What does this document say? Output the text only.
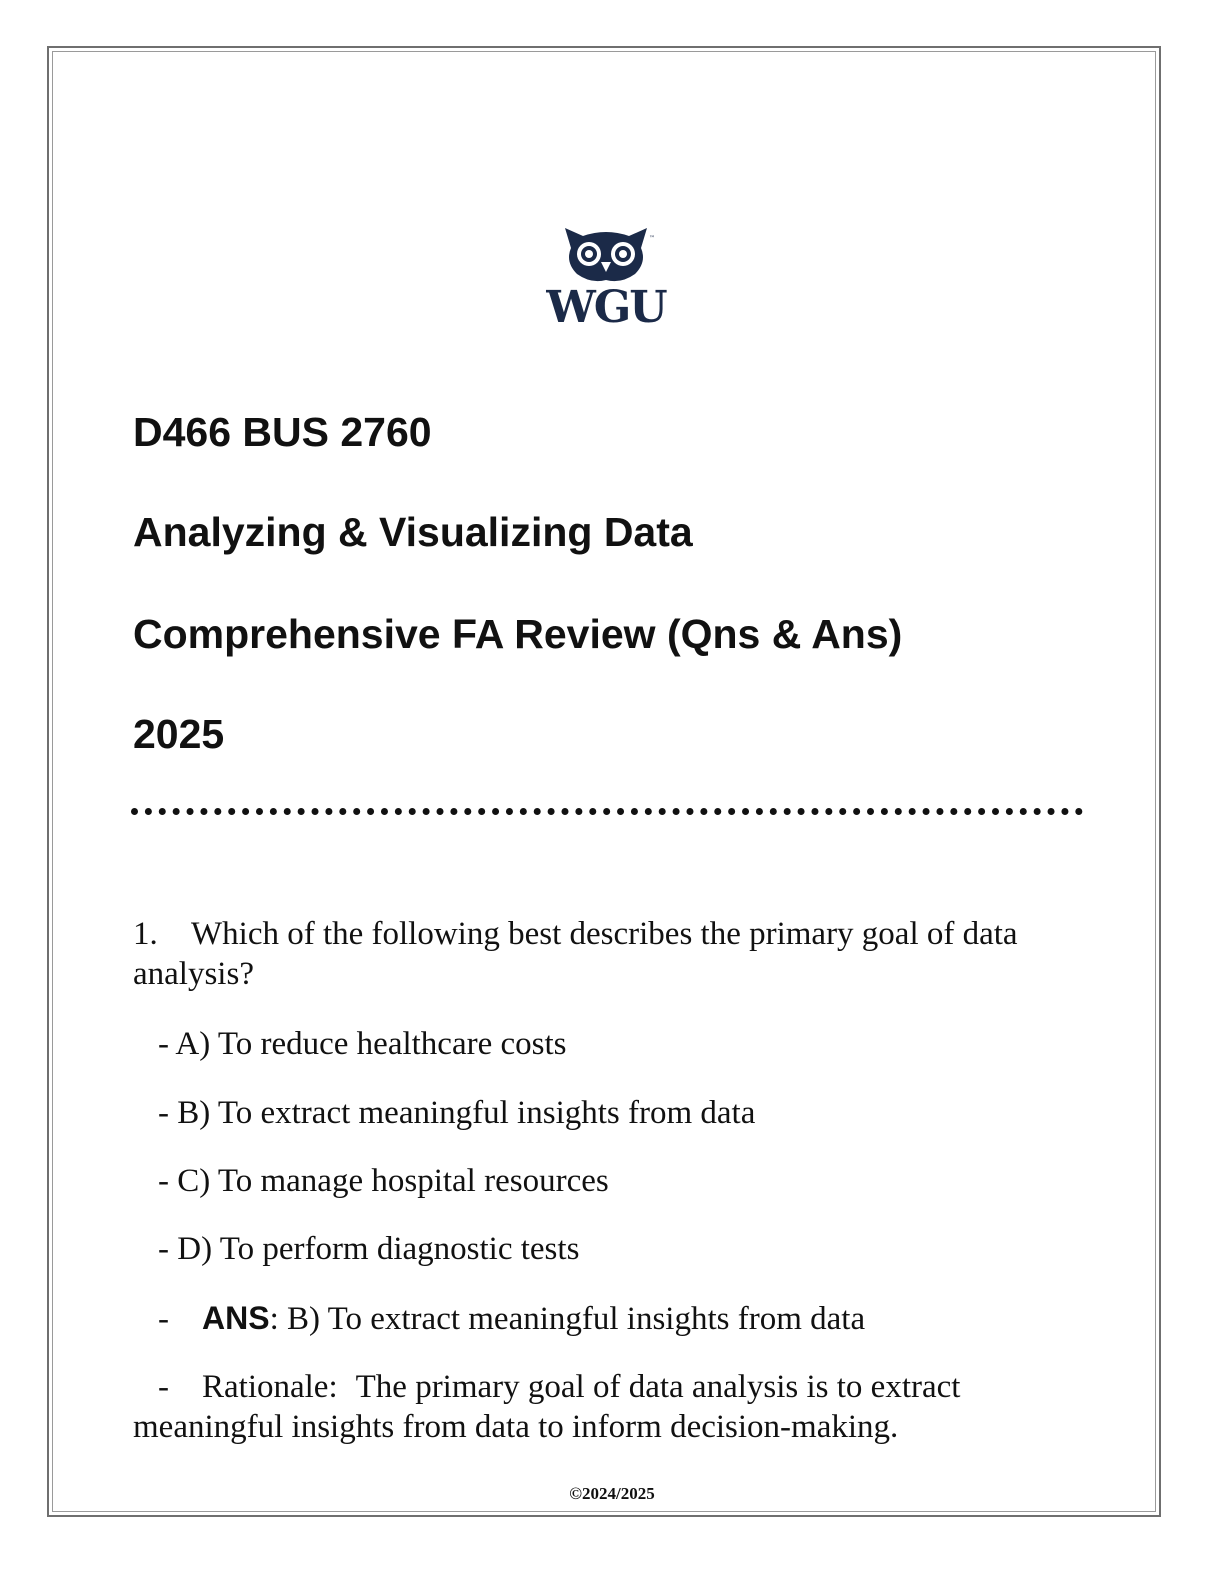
™
WGU
D466 BUS 2760
Analyzing & Visualizing Data
Comprehensive FA Review (Qns & Ans)
2025
1. Which of the following best describes the primary goal of data analysis?
- A) To reduce healthcare costs
- B) To extract meaningful insights from data
- C) To manage hospital resources
- D) To perform diagnostic tests
- ANS: B) To extract meaningful insights from data
- Rationale: The primary goal of data analysis is to extract meaningful insights from data to inform decision-making.
©2024/2025
